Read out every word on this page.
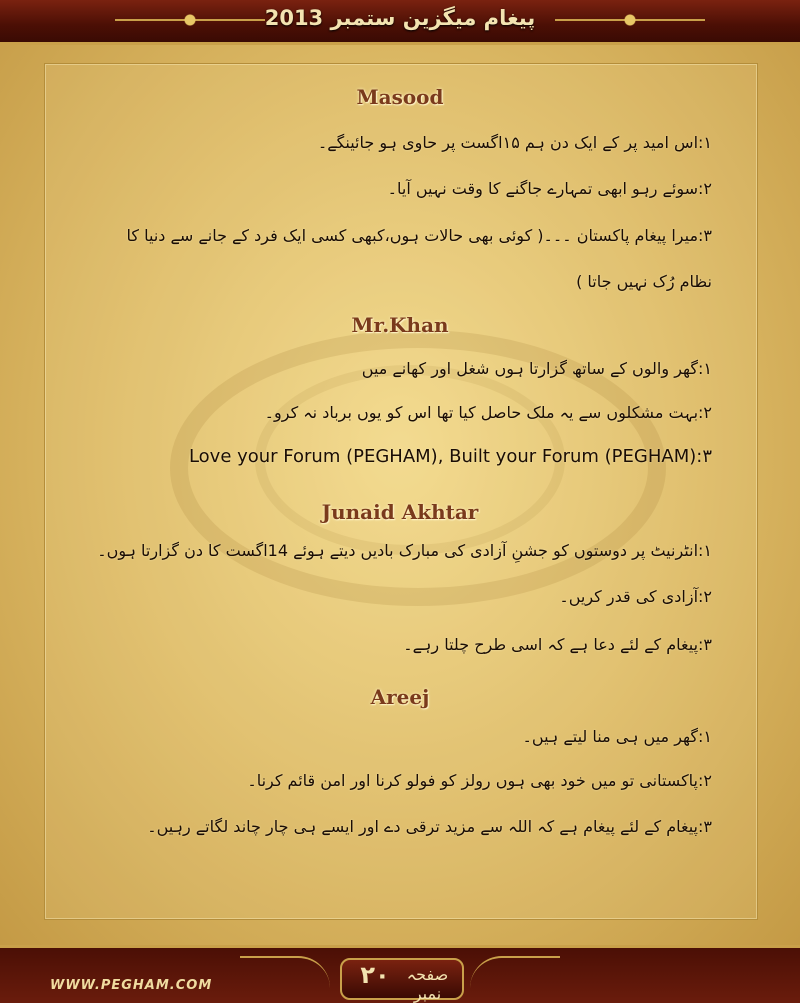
پیغام میگزین ستمبر 2013
Masood
۱:اس امید پر کے ایک دن ہم ۱۵اگست پر حاوی ہو جائینگے۔
۲:سوئے رہو ابھی تمہارے جاگنے کا وقت نہیں آیا۔
۳:میرا پیغام پاکستان ۔۔۔( کوئی بھی حالات ہوں،کبھی کسی ایک فرد کے جانے سے دنیا کا نظام رُک نہیں جاتا )
Mr.Khan
۱:گھر والوں کے ساتھ گزارتا ہوں شغل اور کھانے میں
۲:بہت مشکلوں سے یہ ملک حاصل کیا تھا اس کو یوں برباد نہ کرو۔
Love your Forum (PEGHAM), Built your Forum (PEGHAM):۳
Junaid Akhtar
۱:انٹرنیٹ پر دوستوں کو جشنِ آزادی کی مبارک بادیں دیتے ہوئے 14اگست کا دن گزارتا ہوں۔
۲:آزادی کی قدر کریں۔
۳:پیغام کے لئے دعا ہے کہ اسی طرح چلتا رہے۔
Areej
۱:گھر میں ہی منا لیتے ہیں۔
۲:پاکستانی تو میں خود بھی ہوں رولز کو فولو کرنا اور امن قائم کرنا۔
۳:پیغام کے لئے پیغام ہے کہ اللہ سے مزید ترقی دے اور ایسے ہی چار چاند لگاتے رہیں۔
WWW.PEGHAM.COM	۲۰	صفحہ نمبر
